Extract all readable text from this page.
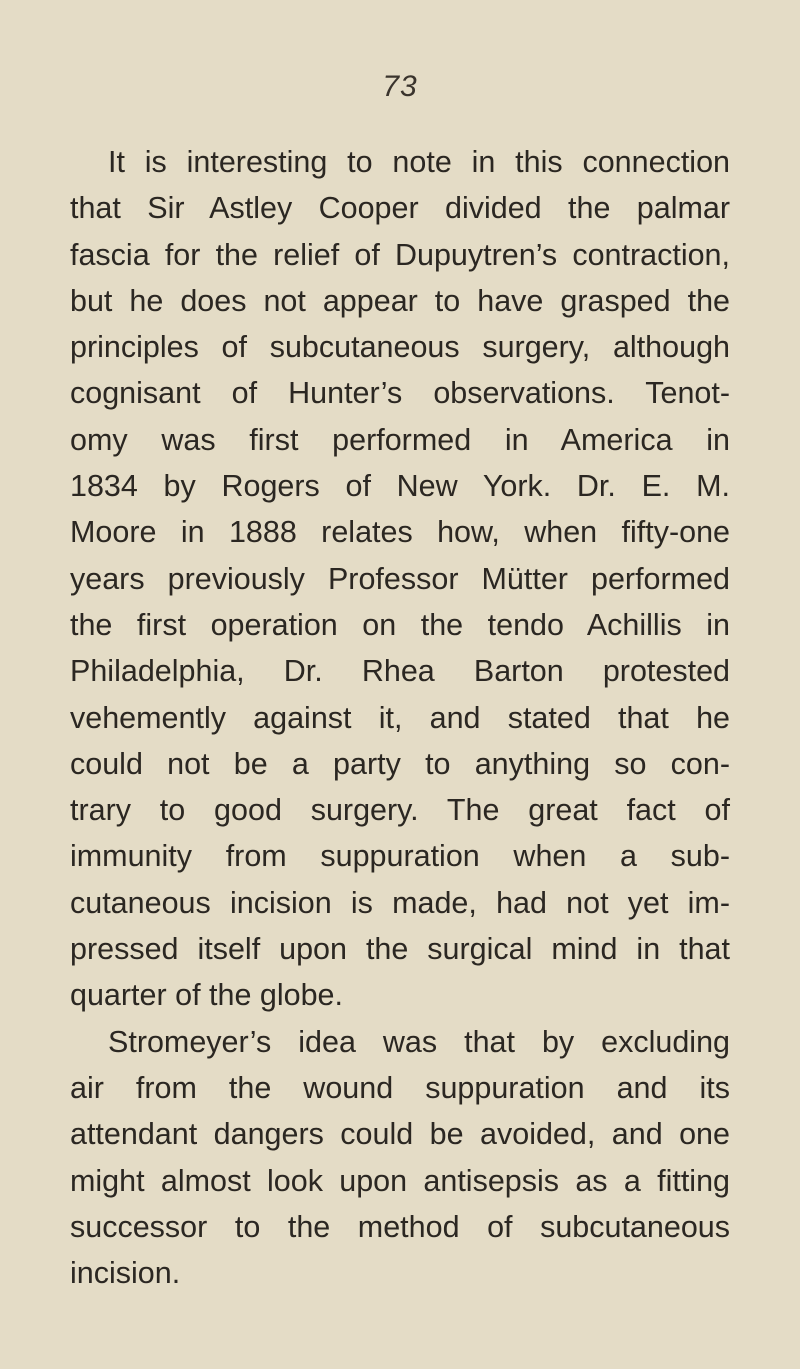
73
It is interesting to note in this connection
that Sir Astley Cooper divided the palmar
fascia for the relief of Dupuytren’s contraction,
but he does not appear to have grasped the
principles of subcutaneous surgery, although
cognisant of Hunter’s observations. Tenot-
omy was first performed in America in
1834 by Rogers of New York. Dr. E. M.
Moore in 1888 relates how, when fifty-one
years previously Professor Mütter performed
the first operation on the tendo Achillis in
Philadelphia, Dr. Rhea Barton protested
vehemently against it, and stated that he
could not be a party to anything so con-
trary to good surgery. The great fact of
immunity from suppuration when a sub-
cutaneous incision is made, had not yet im-
pressed itself upon the surgical mind in that
quarter of the globe.
Stromeyer’s idea was that by excluding
air from the wound suppuration and its
attendant dangers could be avoided, and one
might almost look upon antisepsis as a fitting
successor to the method of subcutaneous
incision.
